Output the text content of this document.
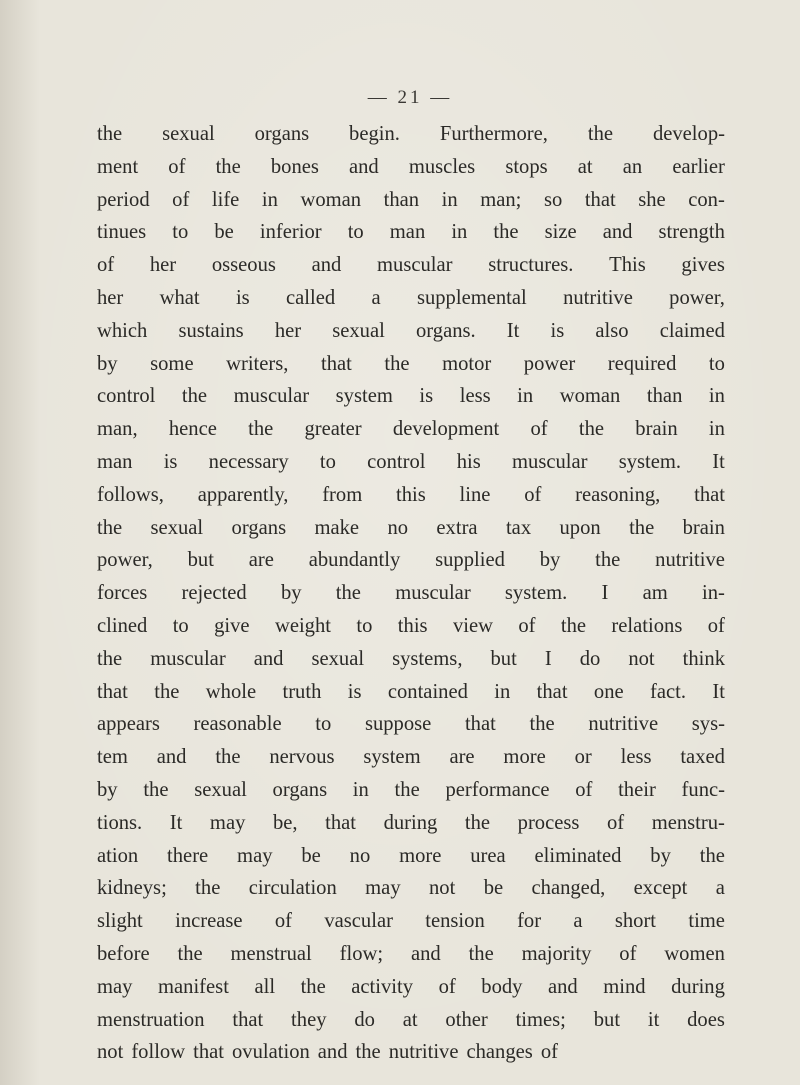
— 21 —
the sexual organs begin. Furthermore, the develop-
ment of the bones and muscles stops at an earlier
period of life in woman than in man; so that she con-
tinues to be inferior to man in the size and strength
of her osseous and muscular structures. This gives
her what is called a supplemental nutritive power,
which sustains her sexual organs. It is also claimed
by some writers, that the motor power required to
control the muscular system is less in woman than in
man, hence the greater development of the brain in
man is necessary to control his muscular system. It
follows, apparently, from this line of reasoning, that
the sexual organs make no extra tax upon the brain
power, but are abundantly supplied by the nutritive
forces rejected by the muscular system. I am in-
clined to give weight to this view of the relations of
the muscular and sexual systems, but I do not think
that the whole truth is contained in that one fact. It
appears reasonable to suppose that the nutritive sys-
tem and the nervous system are more or less taxed
by the sexual organs in the performance of their func-
tions. It may be, that during the process of menstru-
ation there may be no more urea eliminated by the
kidneys; the circulation may not be changed, except a
slight increase of vascular tension for a short time
before the menstrual flow; and the majority of women
may manifest all the activity of body and mind during
menstruation that they do at other times; but it does
not follow that ovulation and the nutritive changes of
